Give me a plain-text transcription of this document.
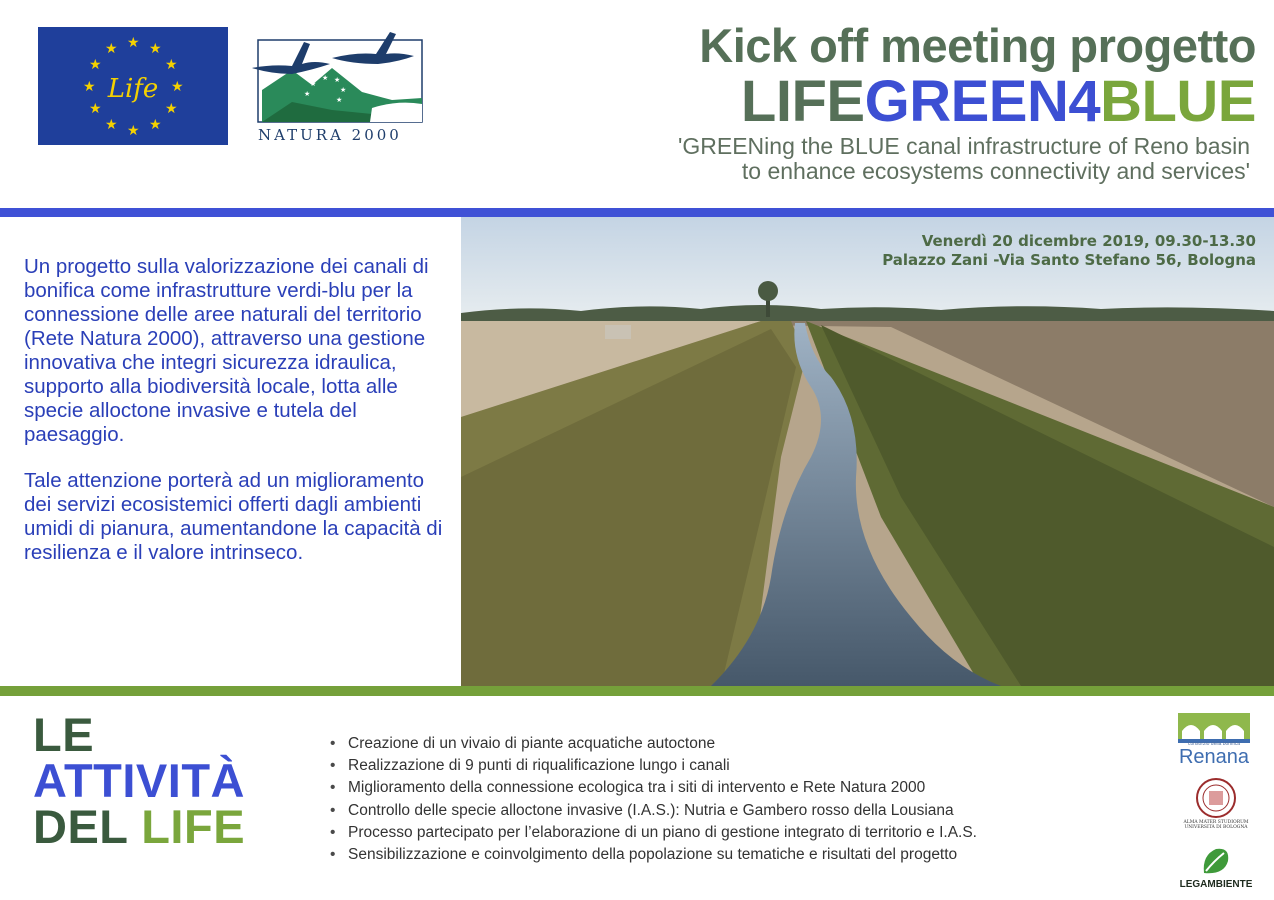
★ ★
★
★
★
★
★
★
★
★
★
★
Life	★
★ ★
★
★
★
NATURA 2000
Kick off meeting progetto
LIFEGREEN4BLUE
'GREENing the BLUE canal infrastructure of Reno basin
to enhance ecosystems connectivity and services'

Un progetto sulla valorizzazione dei canali di bonifica come infrastrutture verdi-blu per la connessione delle aree naturali del territorio (Rete Natura 2000), attraverso una gestione innovativa che integri sicurezza idraulica, supporto alla biodiversità locale, lotta alle specie alloctone invasive e tutela del paesaggio.

Tale attenzione porterà ad un miglioramento dei servizi ecosistemici offerti dagli ambienti umidi di pianura, aumentandone la capacità di resilienza e il valore intrinseco.

Venerdì 20 dicembre 2019, 09.30-13.30
Palazzo Zani -Via Santo Stefano 56, Bologna
LE
ATTIVITÀ
DEL LIFE
• Creazione di un vivaio di piante acquatiche autoctone
• Realizzazione di 9 punti di riqualificazione lungo i canali
• Miglioramento della connessione ecologica tra i siti di intervento e Rete Natura 2000
• Controllo delle specie alloctone invasive (I.A.S.): Nutria e Gambero rosso della Lousiana
• Processo partecipato per l’elaborazione di un piano di gestione integrato di territorio e I.A.S.
• Sensibilizzazione e coinvolgimento della popolazione su tematiche e risultati del progetto
consorzio della bonifica
Renana
ALMA MATER STUDIORUM
UNIVERSITÀ DI BOLOGNA
LEGAMBIENTE
